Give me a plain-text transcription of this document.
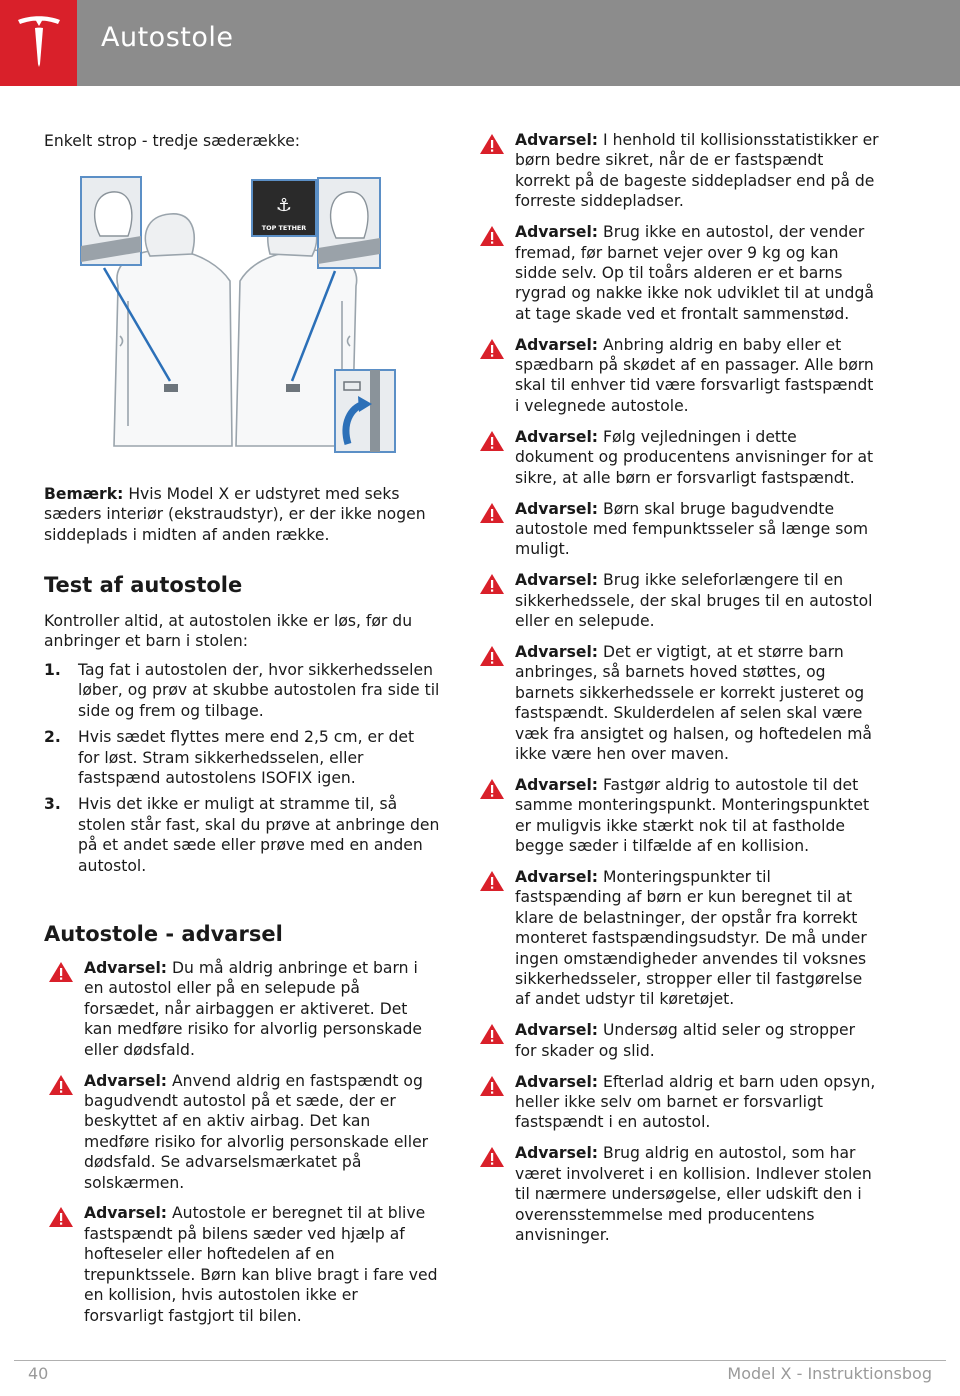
Autostole

Enkelt strop - tredje sæderække:

⚓
TOP TETHER

Bemærk: Hvis Model X er udstyret med seks sæders interiør (ekstraudstyr), er der ikke nogen siddeplads i midten af anden række.

Test af autostole

Kontroller altid, at autostolen ikke er løs, før du anbringer et barn i stolen:

1. Tag fat i autostolen der, hvor sikkerhedsselen løber, og prøv at skubbe autostolen fra side til side og frem og tilbage.
2. Hvis sædet flyttes mere end 2,5 cm, er det for løst. Stram sikkerhedsselen, eller fastspænd autostolens ISOFIX igen.
3. Hvis det ikke er muligt at stramme til, så stolen står fast, skal du prøve at anbringe den på et andet sæde eller prøve med en anden autostol.
Autostole - advarsel
Advarsel: Du må aldrig anbringe et barn i en autostol eller på en selepude på forsædet, når airbaggen er aktiveret. Det kan medføre risiko for alvorlig personskade eller dødsfald.
Advarsel: Anvend aldrig en fastspændt og bagudvendt autostol på et sæde, der er beskyttet af en aktiv airbag. Det kan medføre risiko for alvorlig personskade eller dødsfald. Se advarselsmærkatet på solskærmen.
Advarsel: Autostole er beregnet til at blive fastspændt på bilens sæder ved hjælp af hofteseler eller hoftedelen af en trepunktssele. Børn kan blive bragt i fare ved en kollision, hvis autostolen ikke er forsvarligt fastgjort til bilen.
Advarsel: I henhold til kollisionsstatistikker er børn bedre sikret, når de er fastspændt korrekt på de bageste siddepladser end på de forreste siddepladser.
Advarsel: Brug ikke en autostol, der vender fremad, før barnet vejer over 9 kg og kan sidde selv. Op til toårs alderen er et barns rygrad og nakke ikke nok udviklet til at undgå at tage skade ved et frontalt sammenstød.
Advarsel: Anbring aldrig en baby eller et spædbarn på skødet af en passager. Alle børn skal til enhver tid være forsvarligt fastspændt i velegnede autostole.
Advarsel: Følg vejledningen i dette dokument og producentens anvisninger for at sikre, at alle børn er forsvarligt fastspændt.
Advarsel: Børn skal bruge bagudvendte autostole med fempunktsseler så længe som muligt.
Advarsel: Brug ikke seleforlængere til en sikkerhedssele, der skal bruges til en autostol eller en selepude.
Advarsel: Det er vigtigt, at et større barn anbringes, så barnets hoved støttes, og barnets sikkerhedssele er korrekt justeret og fastspændt. Skulderdelen af selen skal være væk fra ansigtet og halsen, og hoftedelen må ikke være hen over maven.
Advarsel: Fastgør aldrig to autostole til det samme monteringspunkt. Monteringspunktet er muligvis ikke stærkt nok til at fastholde begge sæder i tilfælde af en kollision.
Advarsel: Monteringspunkter til fastspænding af børn er kun beregnet til at klare de belastninger, der opstår fra korrekt monteret fastspændingsudstyr. De må under ingen omstændigheder anvendes til voksnes sikkerhedsseler, stropper eller til fastgørelse af andet udstyr til køretøjet.
Advarsel: Undersøg altid seler og stropper for skader og slid.
Advarsel: Efterlad aldrig et barn uden opsyn, heller ikke selv om barnet er forsvarligt fastspændt i en autostol.
Advarsel: Brug aldrig en autostol, som har været involveret i en kollision. Indlever stolen til nærmere undersøgelse, eller udskift den i overensstemmelse med producentens anvisninger.
40	Model X - Instruktionsbog
